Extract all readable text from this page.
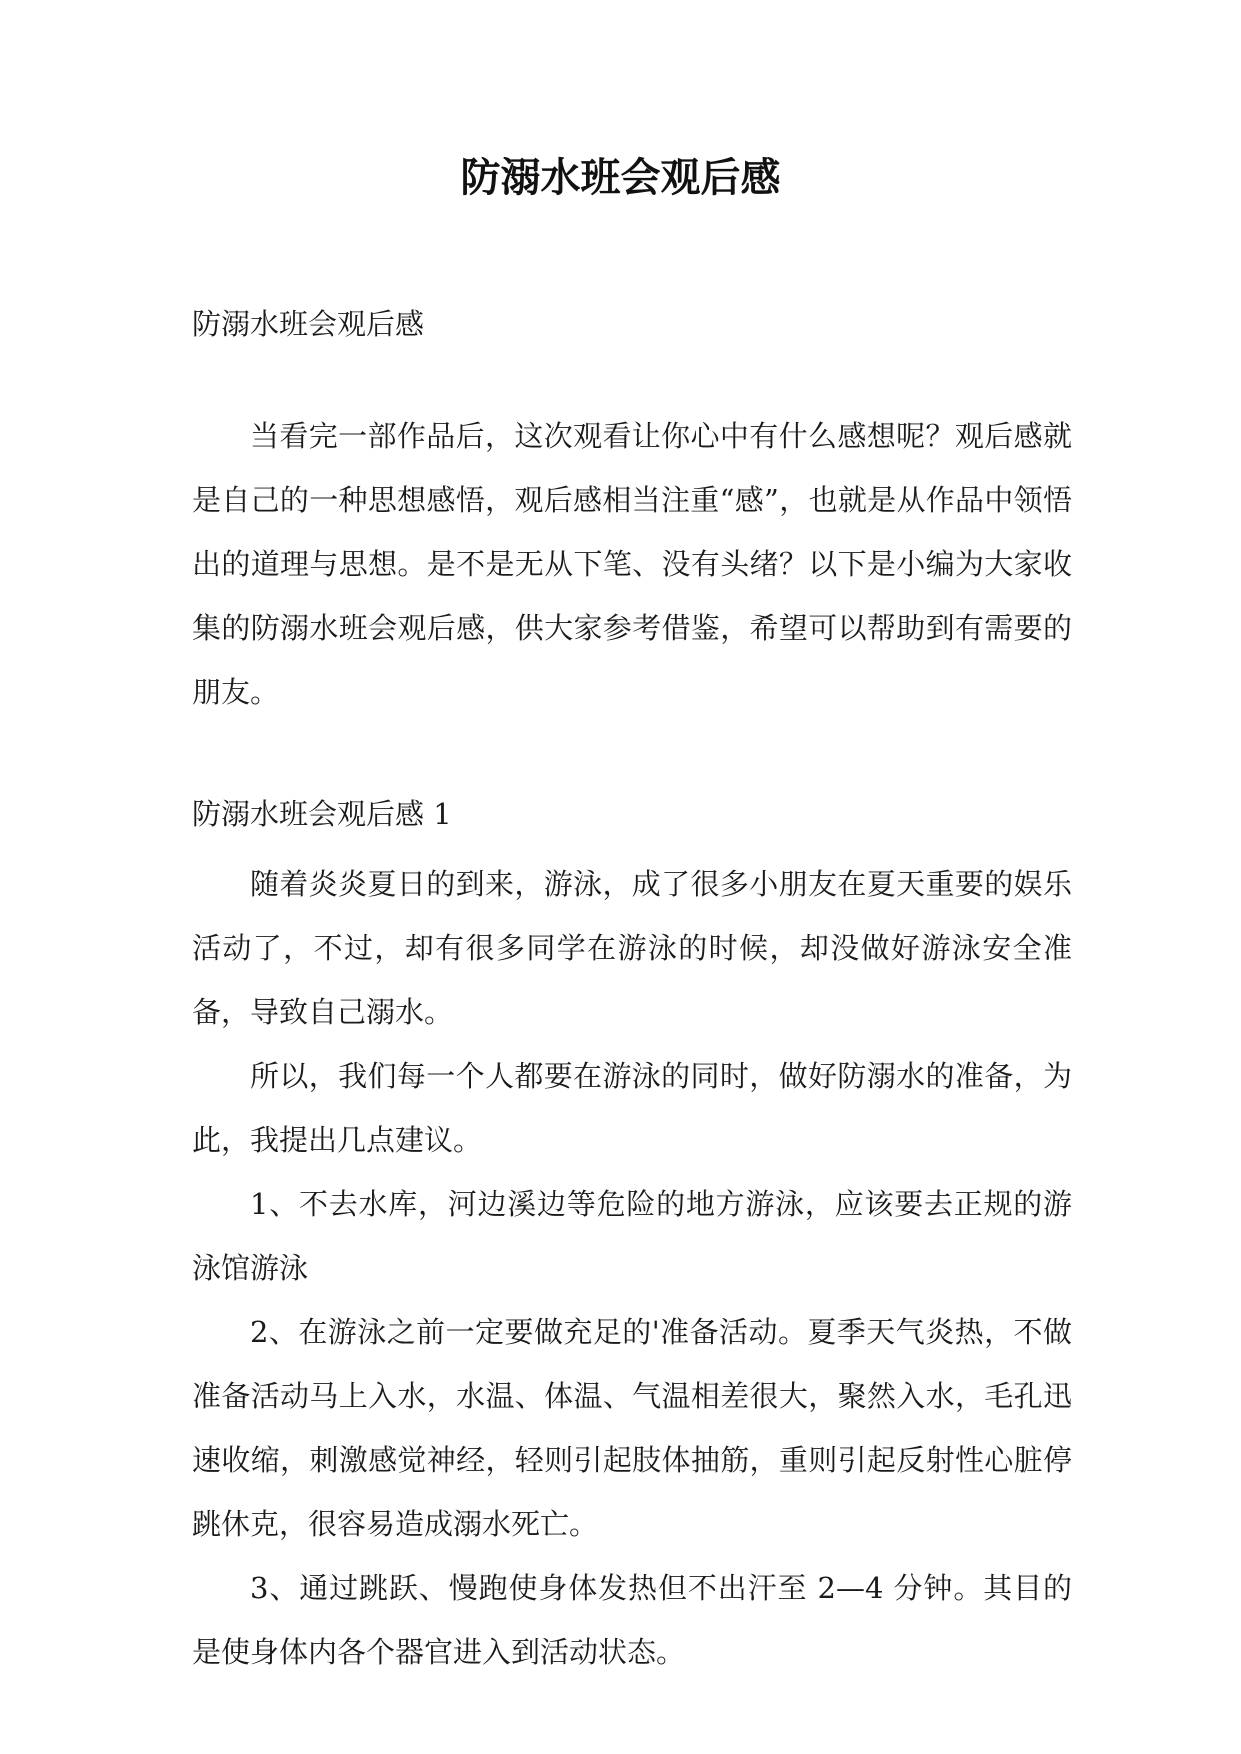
防溺水班会观后感

防溺水班会观后感

当看完一部作品后，这次观看让你心中有什么感想呢？观后感就是自己的一种思想感悟，观后感相当注重“感”，也就是从作品中领悟出的道理与思想。是不是无从下笔、没有头绪？以下是小编为大家收集的防溺水班会观后感，供大家参考借鉴，希望可以帮助到有需要的朋友。

防溺水班会观后感 1

随着炎炎夏日的到来，游泳，成了很多小朋友在夏天重要的娱乐活动了，不过，却有很多同学在游泳的时候，却没做好游泳安全准备，导致自己溺水。

所以，我们每一个人都要在游泳的同时，做好防溺水的准备，为此，我提出几点建议。

1、不去水库，河边溪边等危险的地方游泳，应该要去正规的游泳馆游泳

2、在游泳之前一定要做充足的'准备活动。夏季天气炎热，不做准备活动马上入水，水温、体温、气温相差很大，聚然入水，毛孔迅速收缩，刺激感觉神经，轻则引起肢体抽筋，重则引起反射性心脏停跳休克，很容易造成溺水死亡。

3、通过跳跃、慢跑使身体发热但不出汗至 2—4 分钟。其目的是使身体内各个器官进入到活动状态。
